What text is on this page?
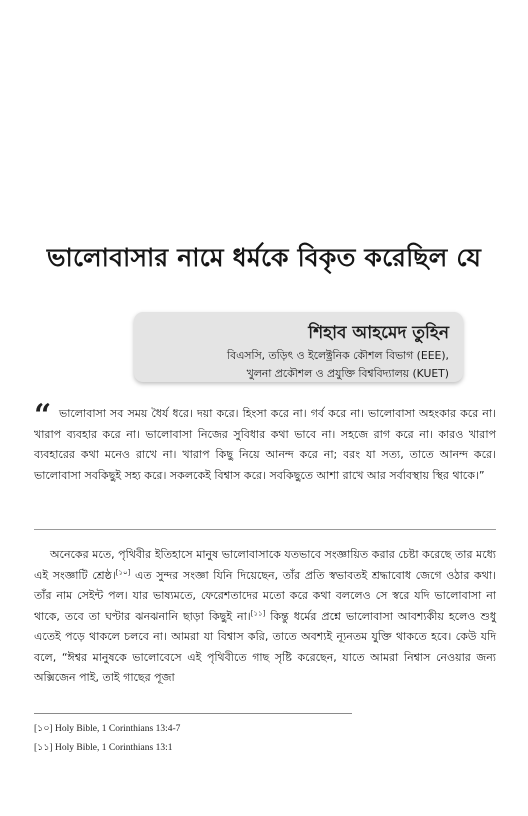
ভালোবাসার নামে ধর্মকে বিকৃত করেছিল যে
শিহাব আহমেদ তুহিন
বিএসসি, তড়িৎ ও ইলেক্ট্রনিক কৌশল বিভাগ (EEE),
খুলনা প্রকৌশল ও প্রযুক্তি বিশ্ববিদ্যালয় (KUET)
“ ভালোবাসা সব সময় ধৈর্য ধরে। দয়া করে। হিংসা করে না। গর্ব করে না। ভালোবাসা অহংকার করে না। খারাপ ব্যবহার করে না। ভালোবাসা নিজের সুবিধার কথা ভাবে না। সহজে রাগ করে না। কারও খারাপ ব্যবহারের কথা মনেও রাখে না। খারাপ কিছু নিয়ে আনন্দ করে না; বরং যা সত্য, তাতে আনন্দ করে। ভালোবাসা সবকিছুই সহ্য করে। সকলকেই বিশ্বাস করে। সবকিছুতে আশা রাখে আর সর্বাবস্থায় স্থির থাকে।”
অনেকের মতে, পৃথিবীর ইতিহাসে মানুষ ভালোবাসাকে যতভাবে সংজ্ঞায়িত করার চেষ্টা করেছে তার মধ্যে এই সংজ্ঞাটি শ্রেষ্ঠ।[১০] এত সুন্দর সংজ্ঞা যিনি দিয়েছেন, তাঁর প্রতি স্বভাবতই শ্রদ্ধাবোধ জেগে ওঠার কথা। তাঁর নাম সেইন্ট পল। যার ভাষ্যমতে, ফেরেশতাদের মতো করে কথা বললেও সে স্বরে যদি ভালোবাসা না থাকে, তবে তা ঘণ্টার ঝনঝনানি ছাড়া কিছুই না।[১১] কিন্তু ধর্মের প্রশ্নে ভালোবাসা আবশ্যকীয় হলেও শুধু এতেই পড়ে থাকলে চলবে না। আমরা যা বিশ্বাস করি, তাতে অবশ্যই ন্যূনতম যুক্তি থাকতে হবে। কেউ যদি বলে, “ঈশ্বর মানুষকে ভালোবেসে এই পৃথিবীতে গাছ সৃষ্টি করেছেন, যাতে আমরা নিশ্বাস নেওয়ার জন্য অক্সিজেন পাই, তাই গাছের পূজা
[১০] Holy Bible, 1 Corinthians 13:4-7
[১১] Holy Bible, 1 Corinthians 13:1
